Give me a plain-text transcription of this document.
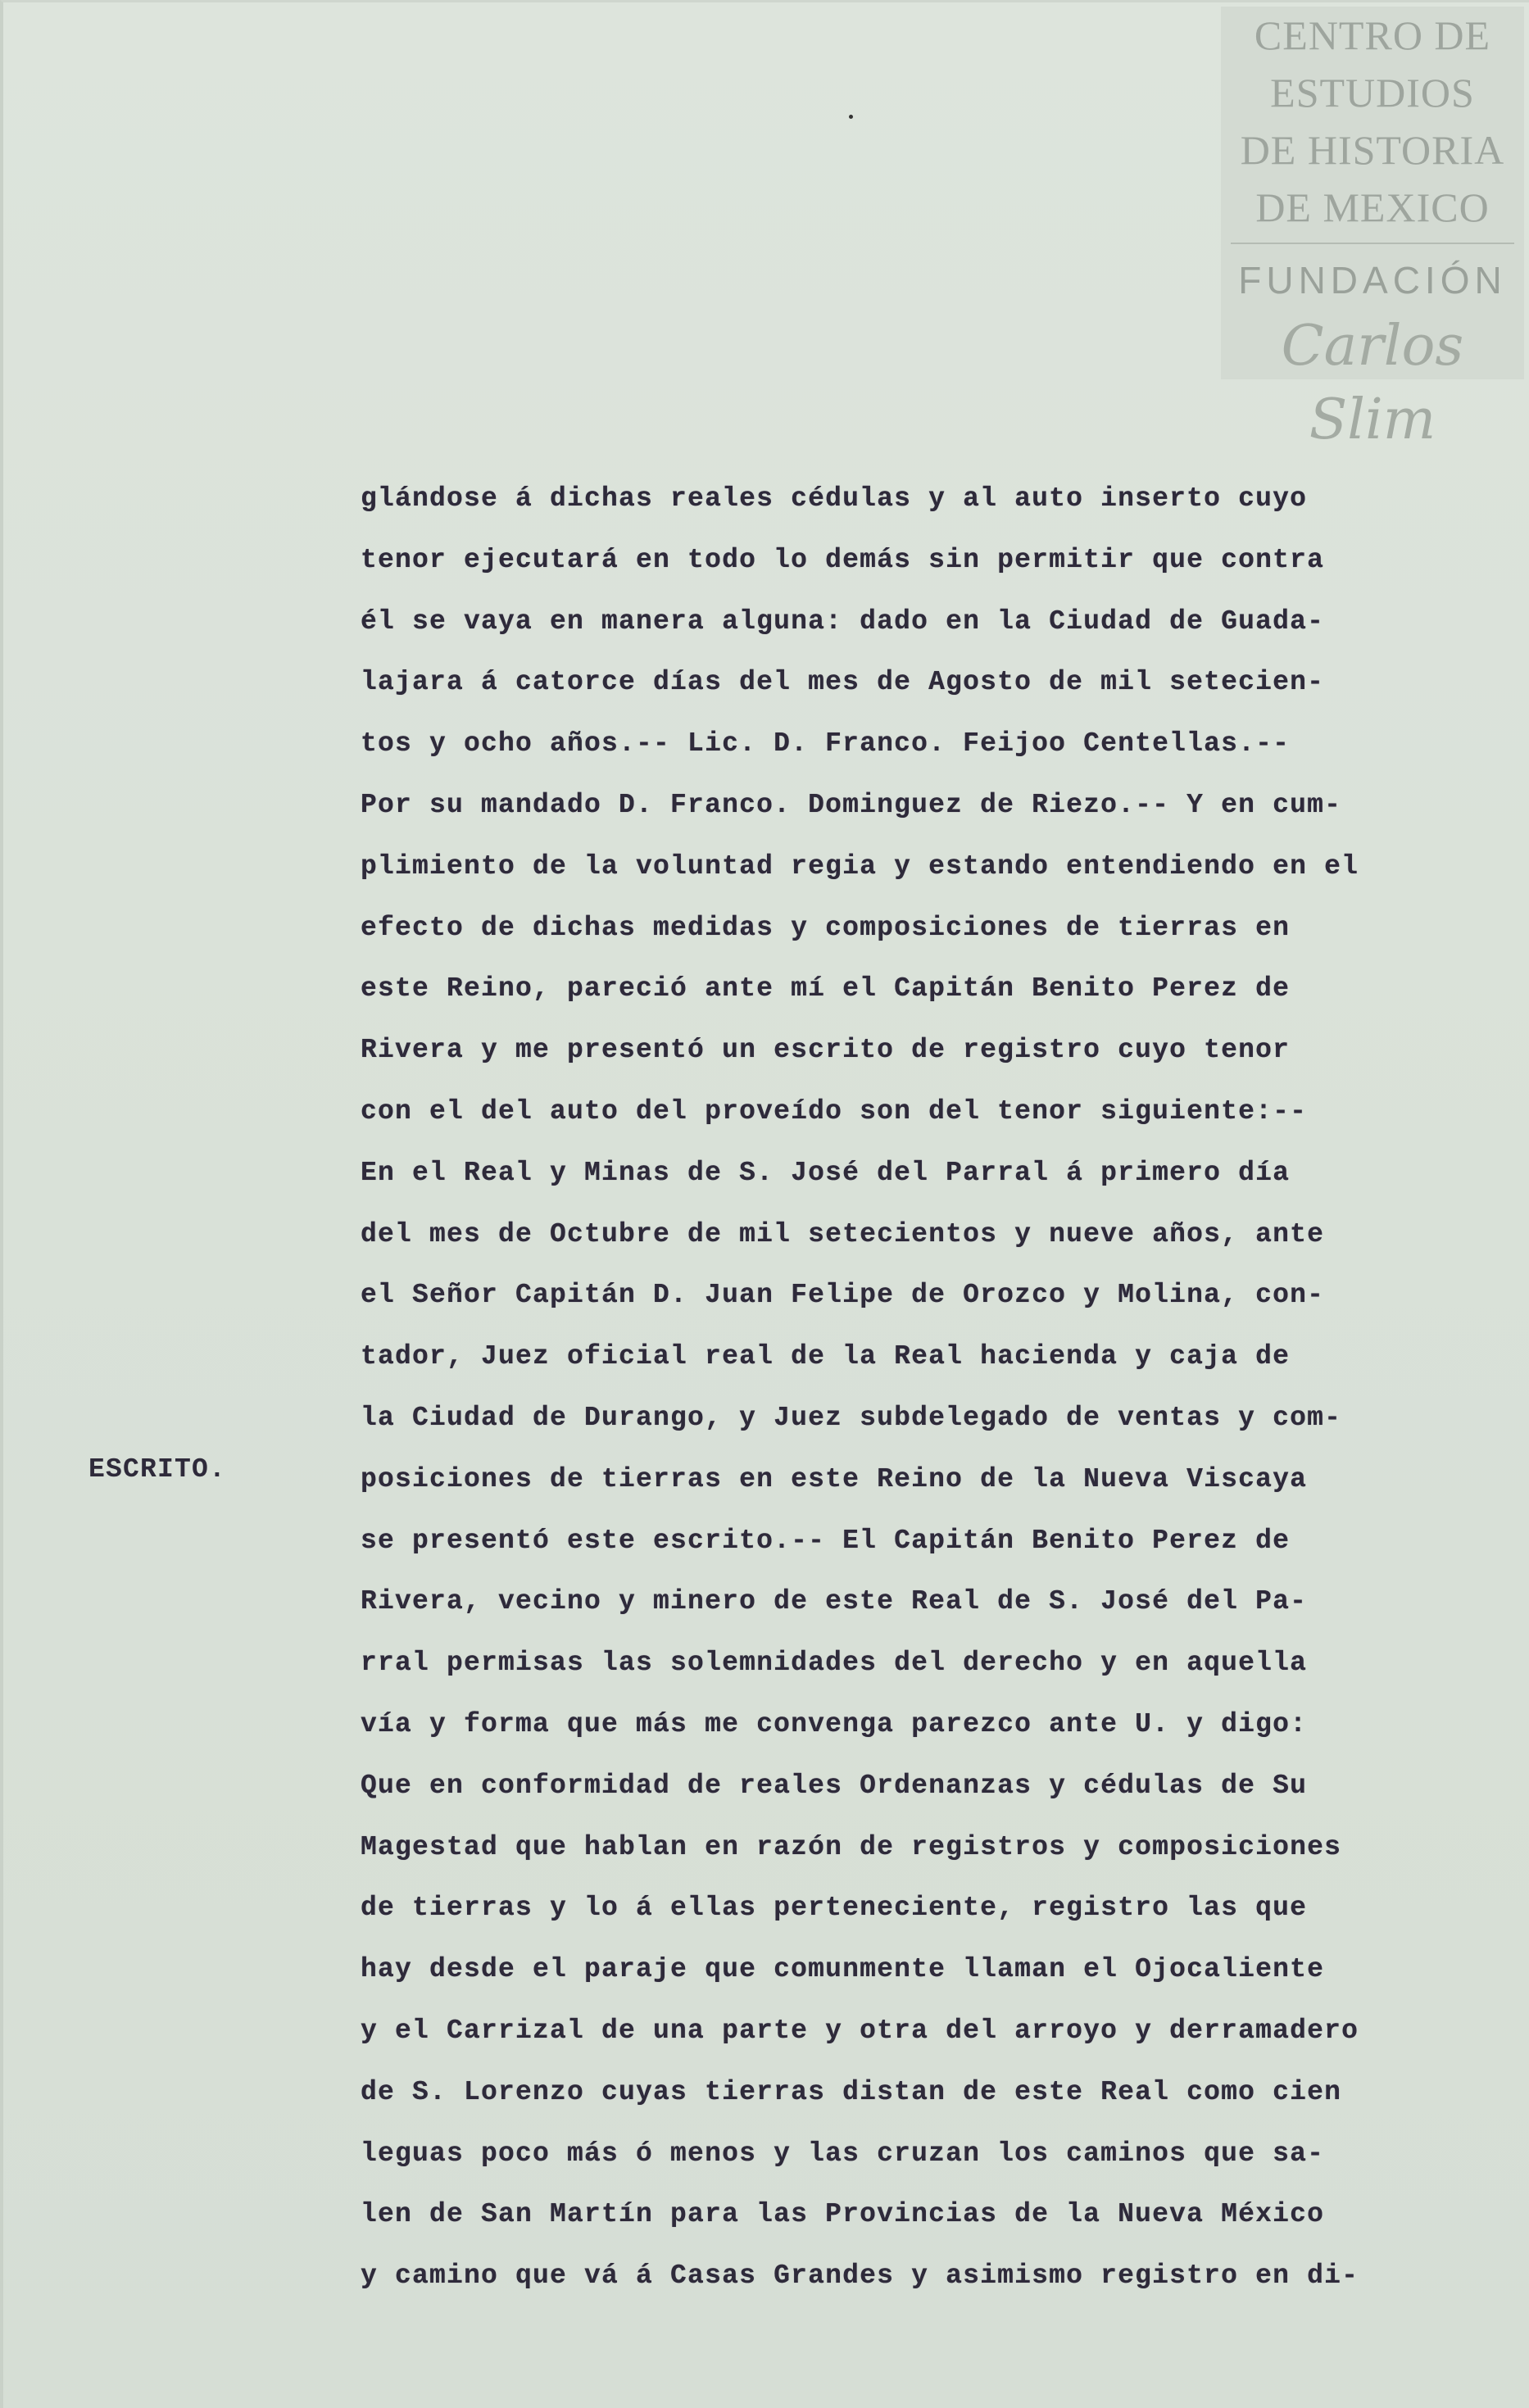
CENTRO DE
ESTUDIOS
DE HISTORIA
DE MEXICO
FUNDACIÓN
Carlos Slim
ESCRITO.
glándose á dichas reales cédulas y al auto inserto cuyo
tenor ejecutará en todo lo demás sin permitir que contra
él se vaya en manera alguna: dado en la Ciudad de Guada-
lajara á catorce días del mes de Agosto de mil setecien-
tos y ocho años.-- Lic. D. Franco. Feijoo Centellas.--
Por su mandado D. Franco. Dominguez de Riezo.-- Y en cum-
plimiento de la voluntad regia y estando entendiendo en el
efecto de dichas medidas y composiciones de tierras en
este Reino, pareció ante mí el Capitán Benito Perez de
Rivera y me presentó un escrito de registro cuyo tenor
con el del auto del proveído son del tenor siguiente:--
En el Real y Minas de S. José del Parral á primero día
del mes de Octubre de mil setecientos y nueve años, ante
el Señor Capitán D. Juan Felipe de Orozco y Molina, con-
tador, Juez oficial real de la Real hacienda y caja de
la Ciudad de Durango, y Juez subdelegado de ventas y com-
posiciones de tierras en este Reino de la Nueva Viscaya
se presentó este escrito.-- El Capitán Benito Perez de
Rivera, vecino y minero de este Real de S. José del Pa-
rral permisas las solemnidades del derecho y en aquella
vía y forma que más me convenga parezco ante U. y digo:
Que en conformidad de reales Ordenanzas y cédulas de Su
Magestad que hablan en razón de registros y composiciones
de tierras y lo á ellas perteneciente, registro las que
hay desde el paraje que comunmente llaman el Ojocaliente
y el Carrizal de una parte y otra del arroyo y derramadero
de S. Lorenzo cuyas tierras distan de este Real como cien
leguas poco más ó menos y las cruzan los caminos que sa-
len de San Martín para las Provincias de la Nueva México
y camino que vá á Casas Grandes y asimismo registro en di-
